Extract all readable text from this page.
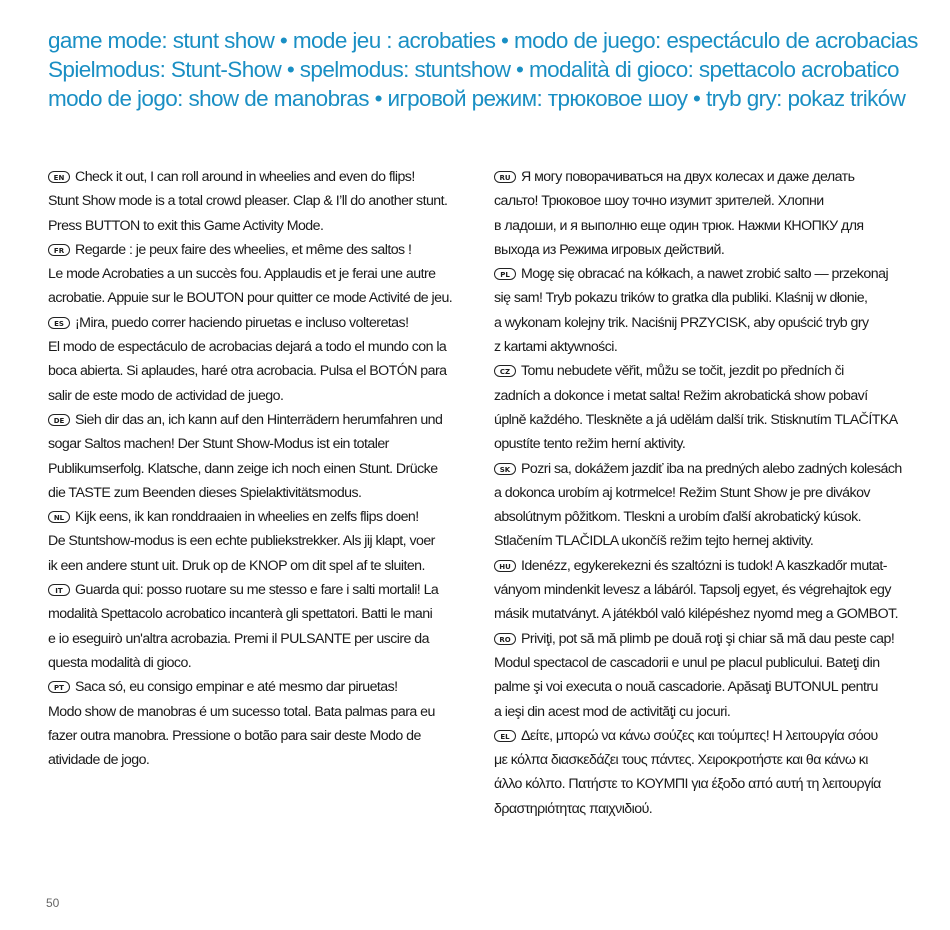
game mode: stunt show • mode jeu : acrobaties • modo de juego: espectáculo de acrobacias
Spielmodus: Stunt-Show • spelmodus: stuntshow • modalità di gioco: spettacolo acrobatico
modo de jogo: show de manobras • игровой режим: трюковое шоу • tryb gry: pokaz trików
EN Check it out, I can roll around in wheelies and even do flips!
Stunt Show mode is a total crowd pleaser. Clap & I’ll do another stunt.
Press BUTTON to exit this Game Activity Mode.
FR Regarde : je peux faire des wheelies, et même des saltos !
Le mode Acrobaties a un succès fou. Applaudis et je ferai une autre
acrobatie. Appuie sur le BOUTON pour quitter ce mode Activité de jeu.
ES ¡Mira, puedo correr haciendo piruetas e incluso volteretas!
El modo de espectáculo de acrobacias dejará a todo el mundo con la
boca abierta. Si aplaudes, haré otra acrobacia. Pulsa el BOTÓN para
salir de este modo de actividad de juego.
DE Sieh dir das an, ich kann auf den Hinterrädern herumfahren und
sogar Saltos machen! Der Stunt Show-Modus ist ein totaler
Publikumserfolg. Klatsche, dann zeige ich noch einen Stunt. Drücke
die TASTE zum Beenden dieses Spielaktivitätsmodus.
NL Kijk eens, ik kan ronddraaien in wheelies en zelfs flips doen!
De Stuntshow-modus is een echte publiekstrekker. Als jij klapt, voer
ik een andere stunt uit. Druk op de KNOP om dit spel af te sluiten.
IT Guarda qui: posso ruotare su me stesso e fare i salti mortali! La
modalità Spettacolo acrobatico incanterà gli spettatori. Batti le mani
e io eseguirò un'altra acrobazia. Premi il PULSANTE per uscire da
questa modalità di gioco.
PT Saca só, eu consigo empinar e até mesmo dar piruetas!
Modo show de manobras é um sucesso total. Bata palmas para eu
fazer outra manobra. Pressione o botão para sair deste Modo de
atividade de jogo.
RU Я могу поворачиваться на двух колесах и даже делать
сальто! Трюковое шоу точно изумит зрителей. Хлопни
в ладоши, и я выполню еще один трюк. Нажми КНОПКУ для
выхода из Режима игровых действий.
PL Mogę się obracać na kółkach, a nawet zrobić salto — przekonaj
się sam! Tryb pokazu trików to gratka dla publiki. Klaśnij w dłonie,
a wykonam kolejny trik. Naciśnij PRZYCISK, aby opuścić tryb gry
z kartami aktywności.
CZ Tomu nebudete věřit, můžu se točit, jezdit po předních či
zadních a dokonce i metat salta! Režim akrobatická show pobaví
úplně každého. Tleskněte a já udělám další trik. Stisknutím TLAČÍTKA
opustíte tento režim herní aktivity.
SK Pozri sa, dokážem jazdiť iba na predných alebo zadných kolesách
a dokonca urobím aj kotrmelce! Režim Stunt Show je pre divákov
absolútnym pôžitkom. Tleskni a urobím ďalší akrobatický kúsok.
Stlačením TLAČIDLA ukončíš režim tejto hernej aktivity.
HU Idenézz, egykerekezni és szaltózni is tudok! A kaszkadőr mutat-
ványom mindenkit levesz a lábáról. Tapsolj egyet, és végrehajtok egy
másik mutatványt. A játékból való kilépéshez nyomd meg a GOMBOT.
RO Priviţi, pot să mă plimb pe două roţi şi chiar să mă dau peste cap!
Modul spectacol de cascadorii e unul pe placul publicului. Bateţi din
palme şi voi executa o nouă cascadorie. Apăsaţi BUTONUL pentru
a ieşi din acest mod de activităţi cu jocuri.
EL Δείτε, μπορώ να κάνω σούζες και τούμπες! Η λειτουργία σόου
με κόλπα διασκεδάζει τους πάντες. Χειροκροτήστε και θα κάνω κι
άλλο κόλπο. Πατήστε το ΚΟΥΜΠΙ για έξοδο από αυτή τη λειτουργία
δραστηριότητας παιχνιδιού.
50
